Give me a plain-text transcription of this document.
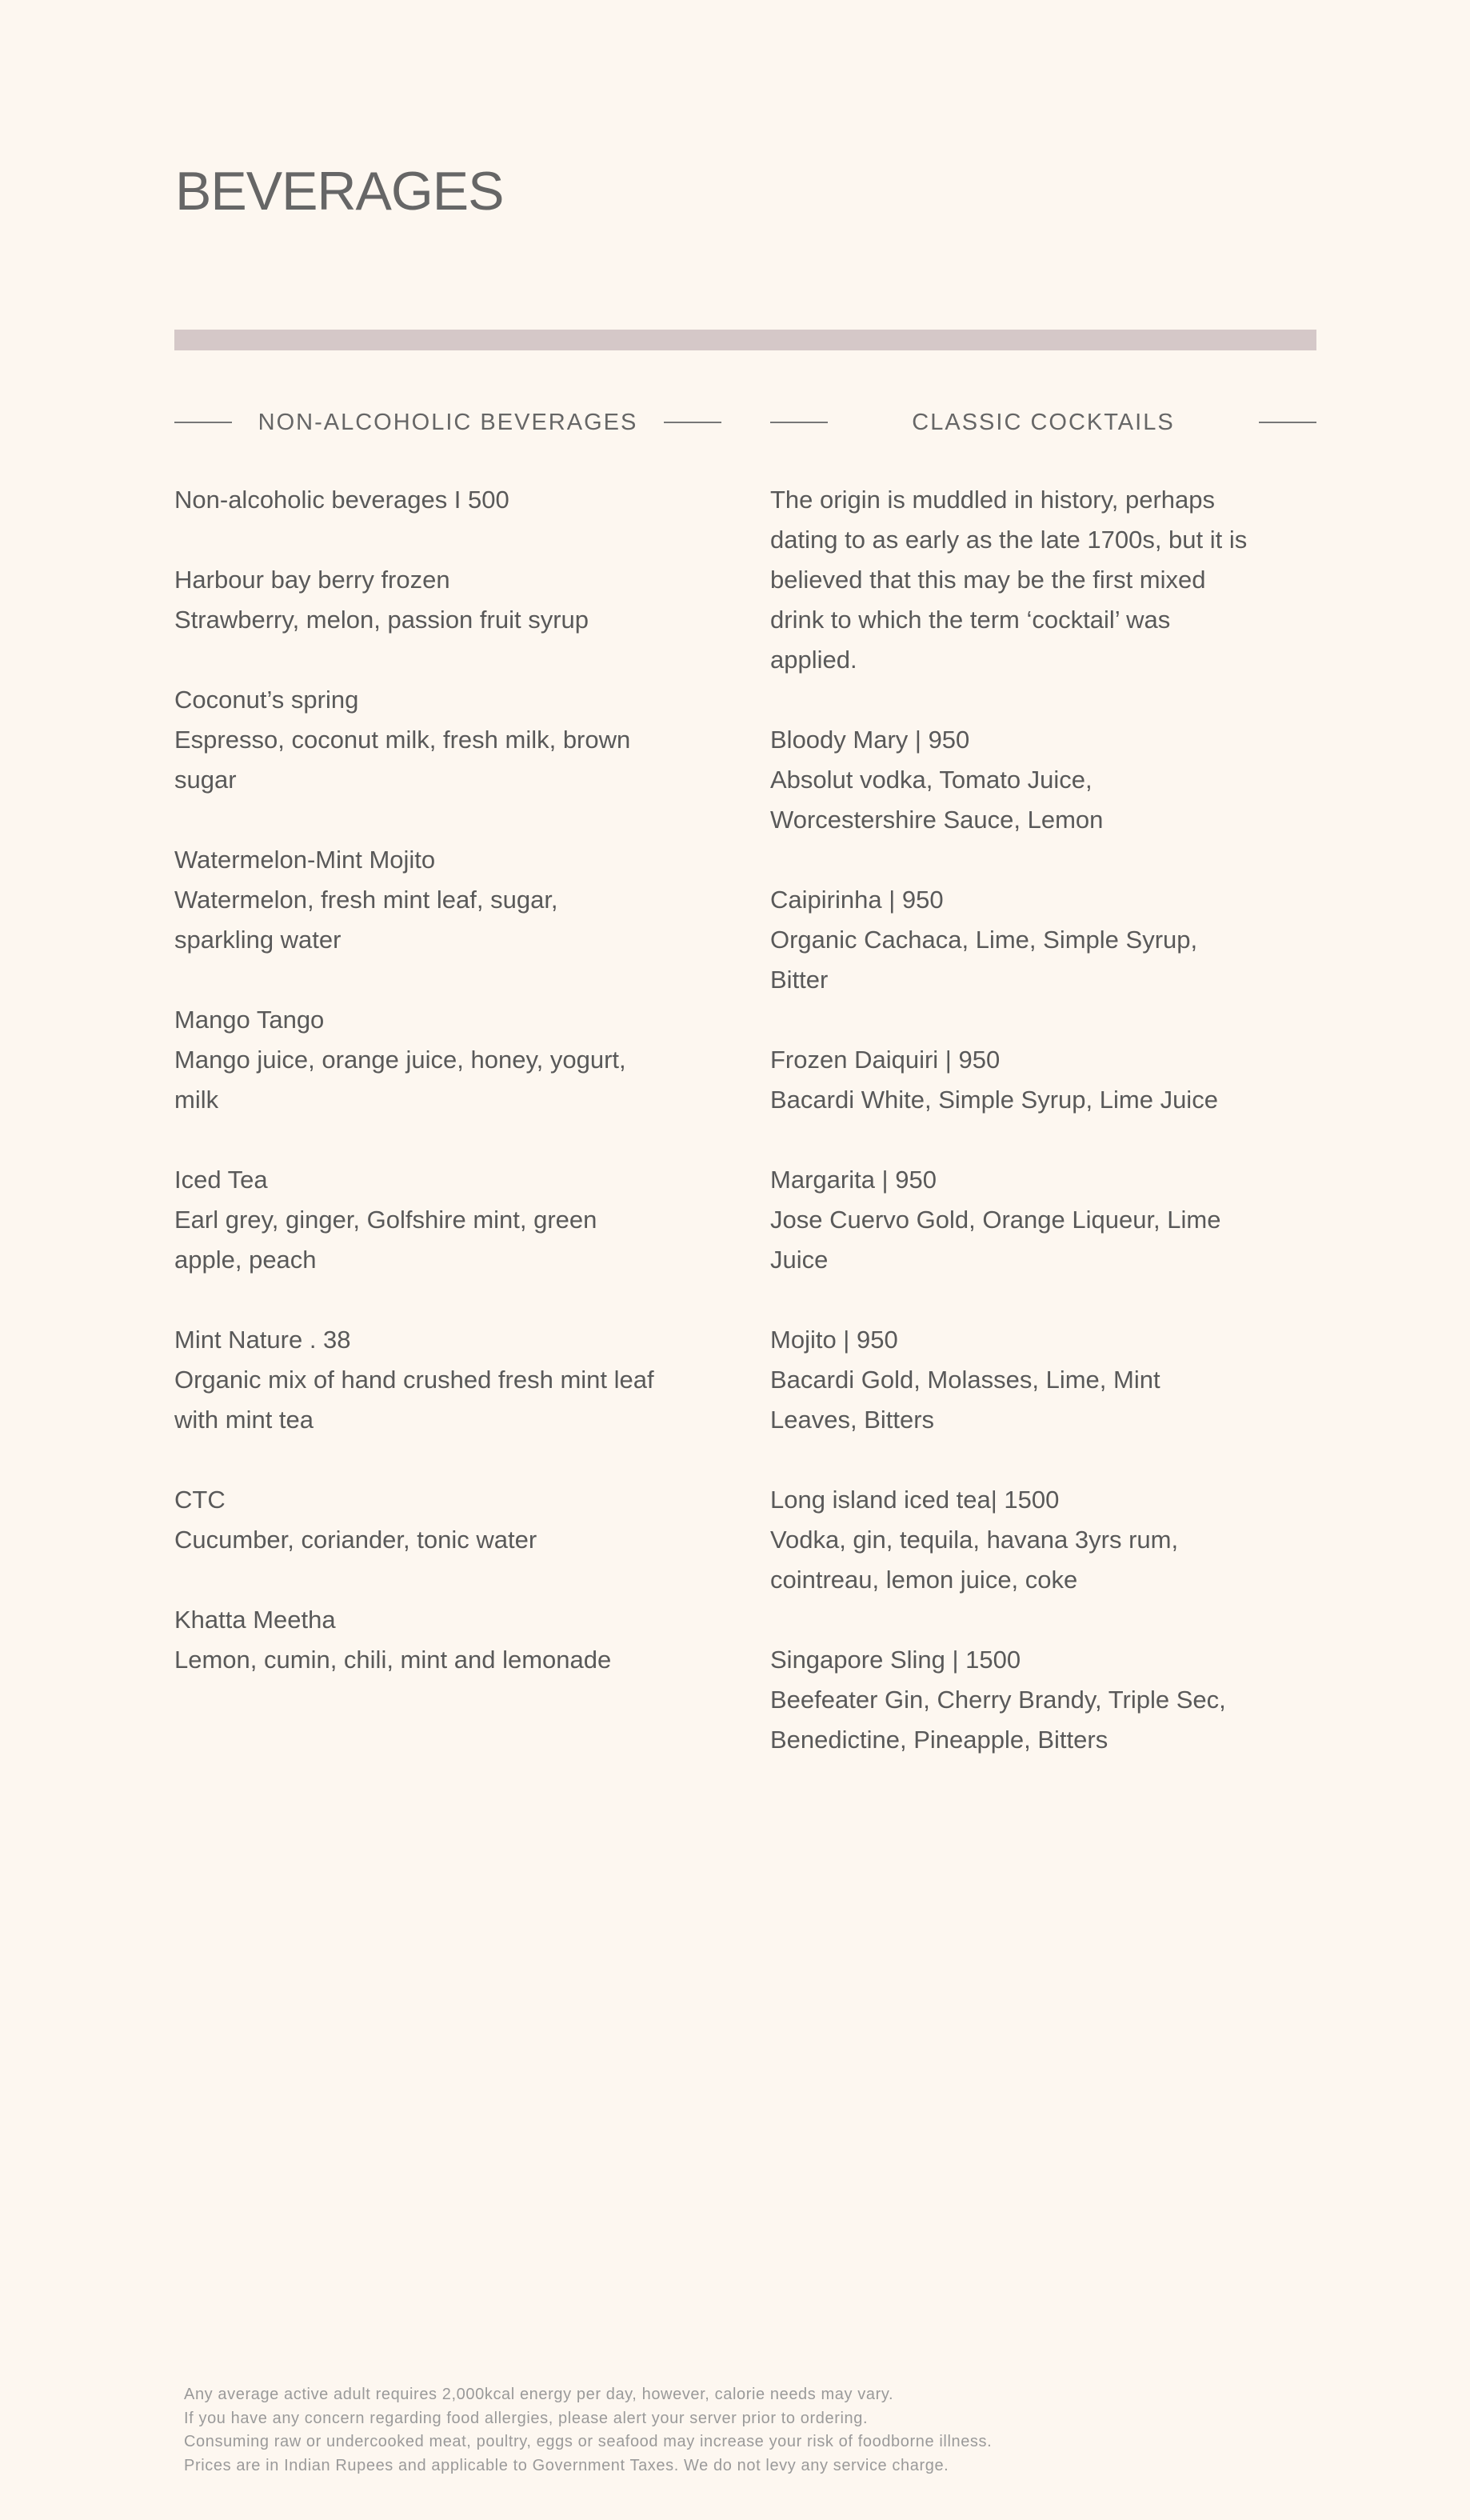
BEVERAGES
NON-ALCOHOLIC BEVERAGES	CLASSIC COCKTAILS

Non-alcoholic beverages I 500

Harbour bay berry frozen

Strawberry, melon, passion fruit syrup

Coconut’s spring

Espresso, coconut milk, fresh milk, brown sugar

Watermelon-Mint Mojito

Watermelon, fresh mint leaf, sugar, sparkling water

Mango Tango

Mango juice, orange juice, honey, yogurt, milk

Iced Tea

Earl grey, ginger, Golfshire mint, green apple, peach

Mint Nature . 38

Organic mix of hand crushed fresh mint leaf with mint tea

CTC

Cucumber, coriander, tonic water

Khatta Meetha

Lemon, cumin, chili, mint and lemonade

The origin is muddled in history, perhaps dating to as early as the late 1700s, but it is believed that this may be the first mixed drink to which the term ‘cocktail’ was applied.

Bloody Mary | 950

Absolut vodka, Tomato Juice, Worcestershire Sauce, Lemon

Caipirinha | 950

Organic Cachaca, Lime, Simple Syrup, Bitter

Frozen Daiquiri | 950

Bacardi White, Simple Syrup, Lime Juice

Margarita | 950

Jose Cuervo Gold, Orange Liqueur, Lime Juice

Mojito | 950

Bacardi Gold, Molasses, Lime, Mint Leaves, Bitters

Long island iced tea| 1500

Vodka, gin, tequila, havana 3yrs rum, cointreau, lemon juice, coke

Singapore Sling | 1500

Beefeater Gin, Cherry Brandy, Triple Sec, Benedictine, Pineapple, Bitters

Any average active adult requires 2,000kcal energy per day, however, calorie needs may vary.

If you have any concern regarding food allergies, please alert your server prior to ordering.

Consuming raw or undercooked meat, poultry, eggs or seafood may increase your risk of foodborne illness.

Prices are in Indian Rupees and applicable to Government Taxes. We do not levy any service charge.
